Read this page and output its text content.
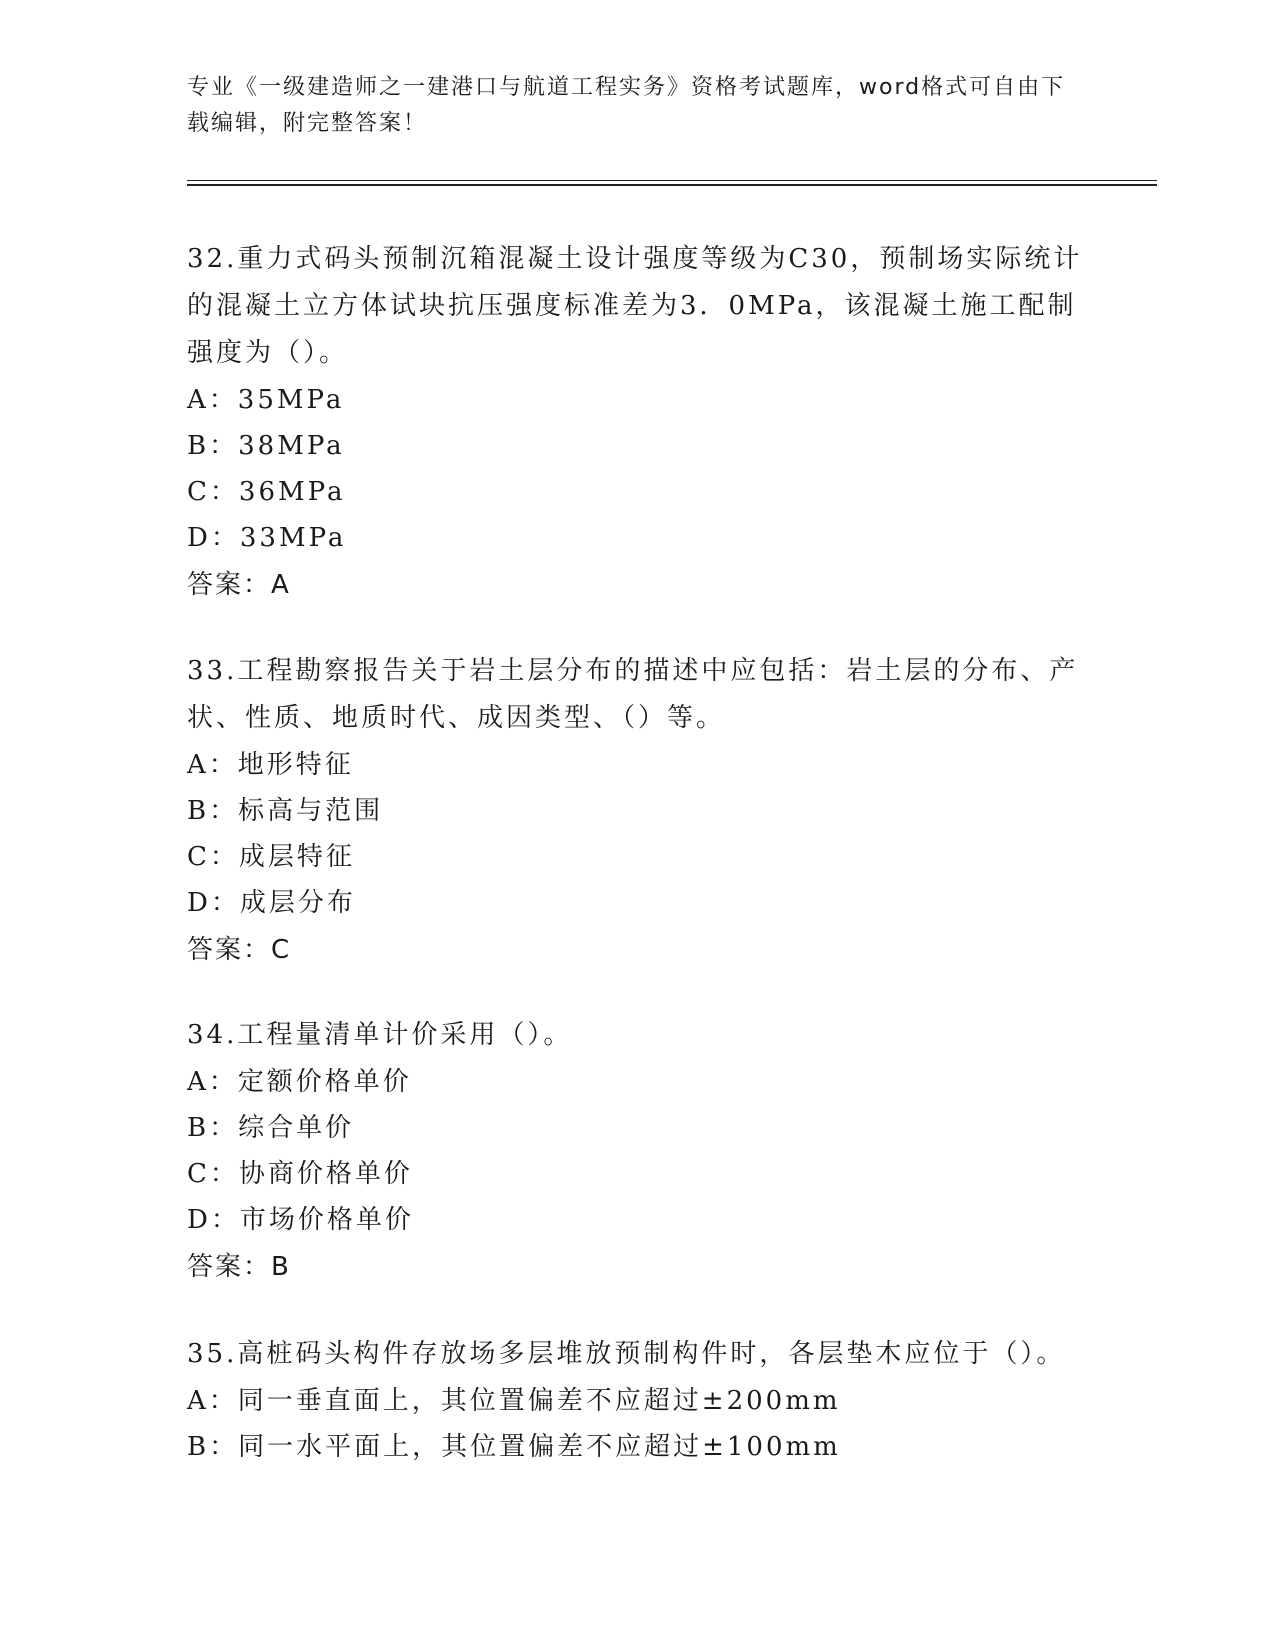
专业《一级建造师之一建港口与航道工程实务》资格考试题库，word格式可自由下载编辑，附完整答案！

32.重力式码头预制沉箱混凝土设计强度等级为C30，预制场实际统计的混凝土立方体试块抗压强度标准差为3．0MPa，该混凝土施工配制强度为（）。

A：35MPa

B：38MPa

C：36MPa

D：33MPa

答案：A

33.工程勘察报告关于岩土层分布的描述中应包括：岩土层的分布、产状、性质、地质时代、成因类型、（）等。

A：地形特征

B：标高与范围

C：成层特征

D：成层分布

答案：C

34.工程量清单计价采用（）。

A：定额价格单价

B：综合单价

C：协商价格单价

D：市场价格单价

答案：B

35.高桩码头构件存放场多层堆放预制构件时，各层垫木应位于（）。

A：同一垂直面上，其位置偏差不应超过±200mm

B：同一水平面上，其位置偏差不应超过±100mm
